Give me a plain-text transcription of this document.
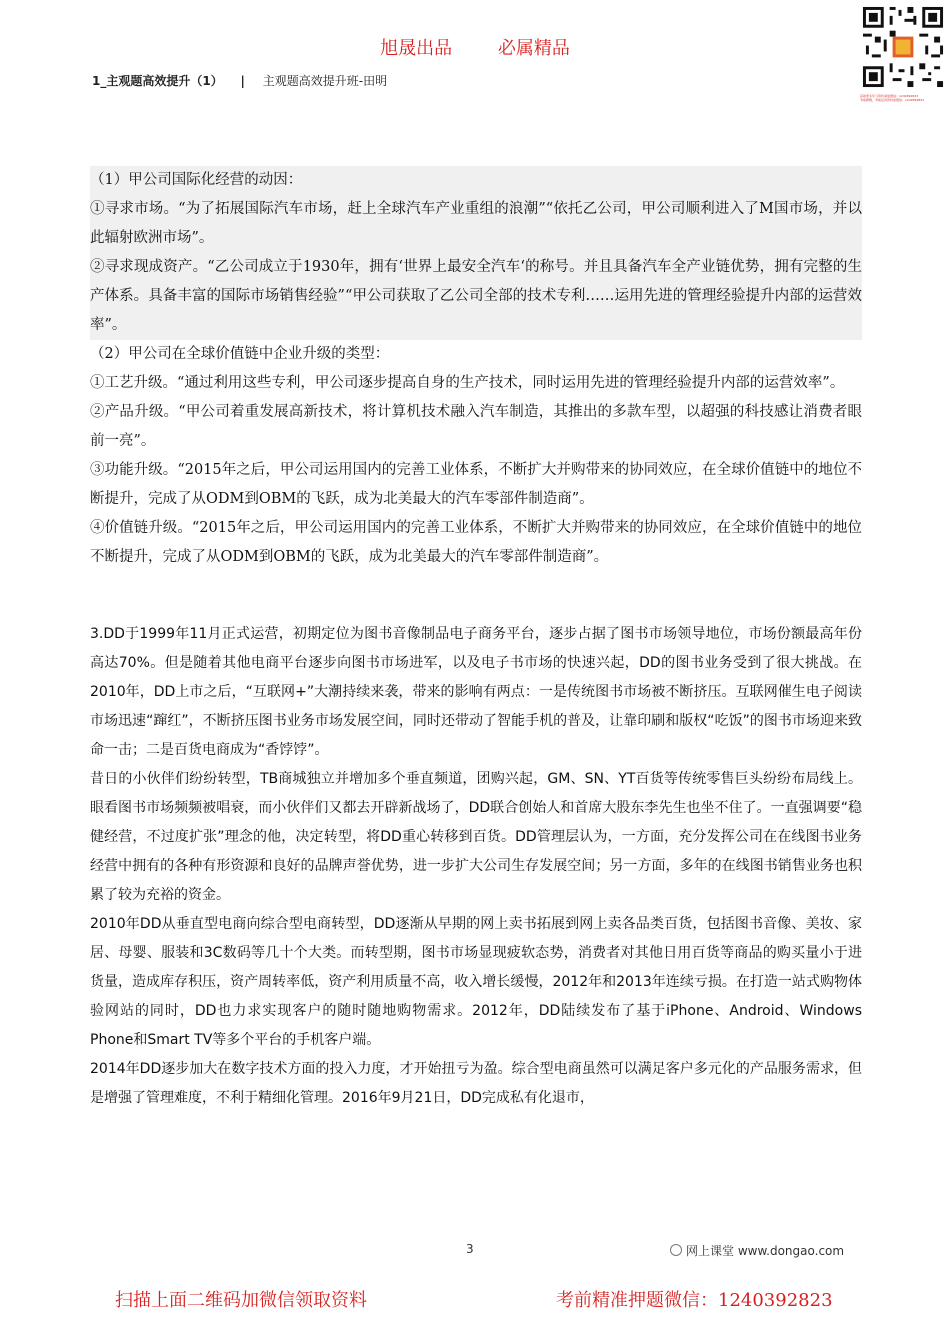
旭晟出品	必属精品
1_主观题高效提升（1） | 主观题高效提升班-田明
获取更多学习资料请加微信：1240392823
考前押题，考前密训资料加微信：1240392823

（1）甲公司国际化经营的动因：

①寻求市场。“为了拓展国际汽车市场，赶上全球汽车产业重组的浪潮”“依托乙公司，甲公司顺利进入了M国市场，并以此辐射欧洲市场”。

②寻求现成资产。“乙公司成立于1930年，拥有‘世界上最安全汽车‘的称号。并且具备汽车全产业链优势，拥有完整的生产体系。具备丰富的国际市场销售经验”“甲公司获取了乙公司全部的技术专利……运用先进的管理经验提升内部的运营效率”。

（2）甲公司在全球价值链中企业升级的类型：

①工艺升级。“通过利用这些专利，甲公司逐步提高自身的生产技术，同时运用先进的管理经验提升内部的运营效率”。

②产品升级。“甲公司着重发展高新技术，将计算机技术融入汽车制造，其推出的多款车型，以超强的科技感让消费者眼前一亮”。

③功能升级。“2015年之后，甲公司运用国内的完善工业体系，不断扩大并购带来的协同效应，在全球价值链中的地位不断提升，完成了从ODM到OBM的飞跃，成为北美最大的汽车零部件制造商”。

④价值链升级。“2015年之后，甲公司运用国内的完善工业体系，不断扩大并购带来的协同效应，在全球价值链中的地位不断提升，完成了从ODM到OBM的飞跃，成为北美最大的汽车零部件制造商”。

3.DD于1999年11月正式运营，初期定位为图书音像制品电子商务平台，逐步占据了图书市场领导地位，市场份额最高年份高达70%。但是随着其他电商平台逐步向图书市场进军，以及电子书市场的快速兴起，DD的图书业务受到了很大挑战。在2010年，DD上市之后，“互联网+”大潮持续来袭，带来的影响有两点：一是传统图书市场被不断挤压。互联网催生电子阅读市场迅速“蹿红”，不断挤压图书业务市场发展空间，同时还带动了智能手机的普及，让靠印刷和版权“吃饭”的图书市场迎来致命一击；二是百货电商成为“香饽饽”。

昔日的小伙伴们纷纷转型，TB商城独立并增加多个垂直频道，团购兴起，GM、SN、YT百货等传统零售巨头纷纷布局线上。眼看图书市场频频被唱衰，而小伙伴们又都去开辟新战场了，DD联合创始人和首席大股东李先生也坐不住了。一直强调要“稳健经营，不过度扩张”理念的他，决定转型，将DD重心转移到百货。DD管理层认为，一方面，充分发挥公司在在线图书业务经营中拥有的各种有形资源和良好的品牌声誉优势，进一步扩大公司生存发展空间；另一方面，多年的在线图书销售业务也积累了较为充裕的资金。

2010年DD从垂直型电商向综合型电商转型，DD逐渐从早期的网上卖书拓展到网上卖各品类百货，包括图书音像、美妆、家居、母婴、服装和3C数码等几十个大类。而转型期，图书市场显现疲软态势，消费者对其他日用百货等商品的购买量小于进货量，造成库存积压，资产周转率低，资产利用质量不高，收入增长缓慢，2012年和2013年连续亏损。在打造一站式购物体验网站的同时，DD也力求实现客户的随时随地购物需求。2012年，DD陆续发布了基于iPhone、Android、Windows Phone和Smart TV等多个平台的手机客户端。

2014年DD逐步加大在数字技术方面的投入力度，才开始扭亏为盈。综合型电商虽然可以满足客户多元化的产品服务需求，但是增强了管理难度，不利于精细化管理。2016年9月21日，DD完成私有化退市，

3	网上课堂 www.dongao.com
扫描上面二维码加微信领取资料	考前精准押题微信：1240392823
